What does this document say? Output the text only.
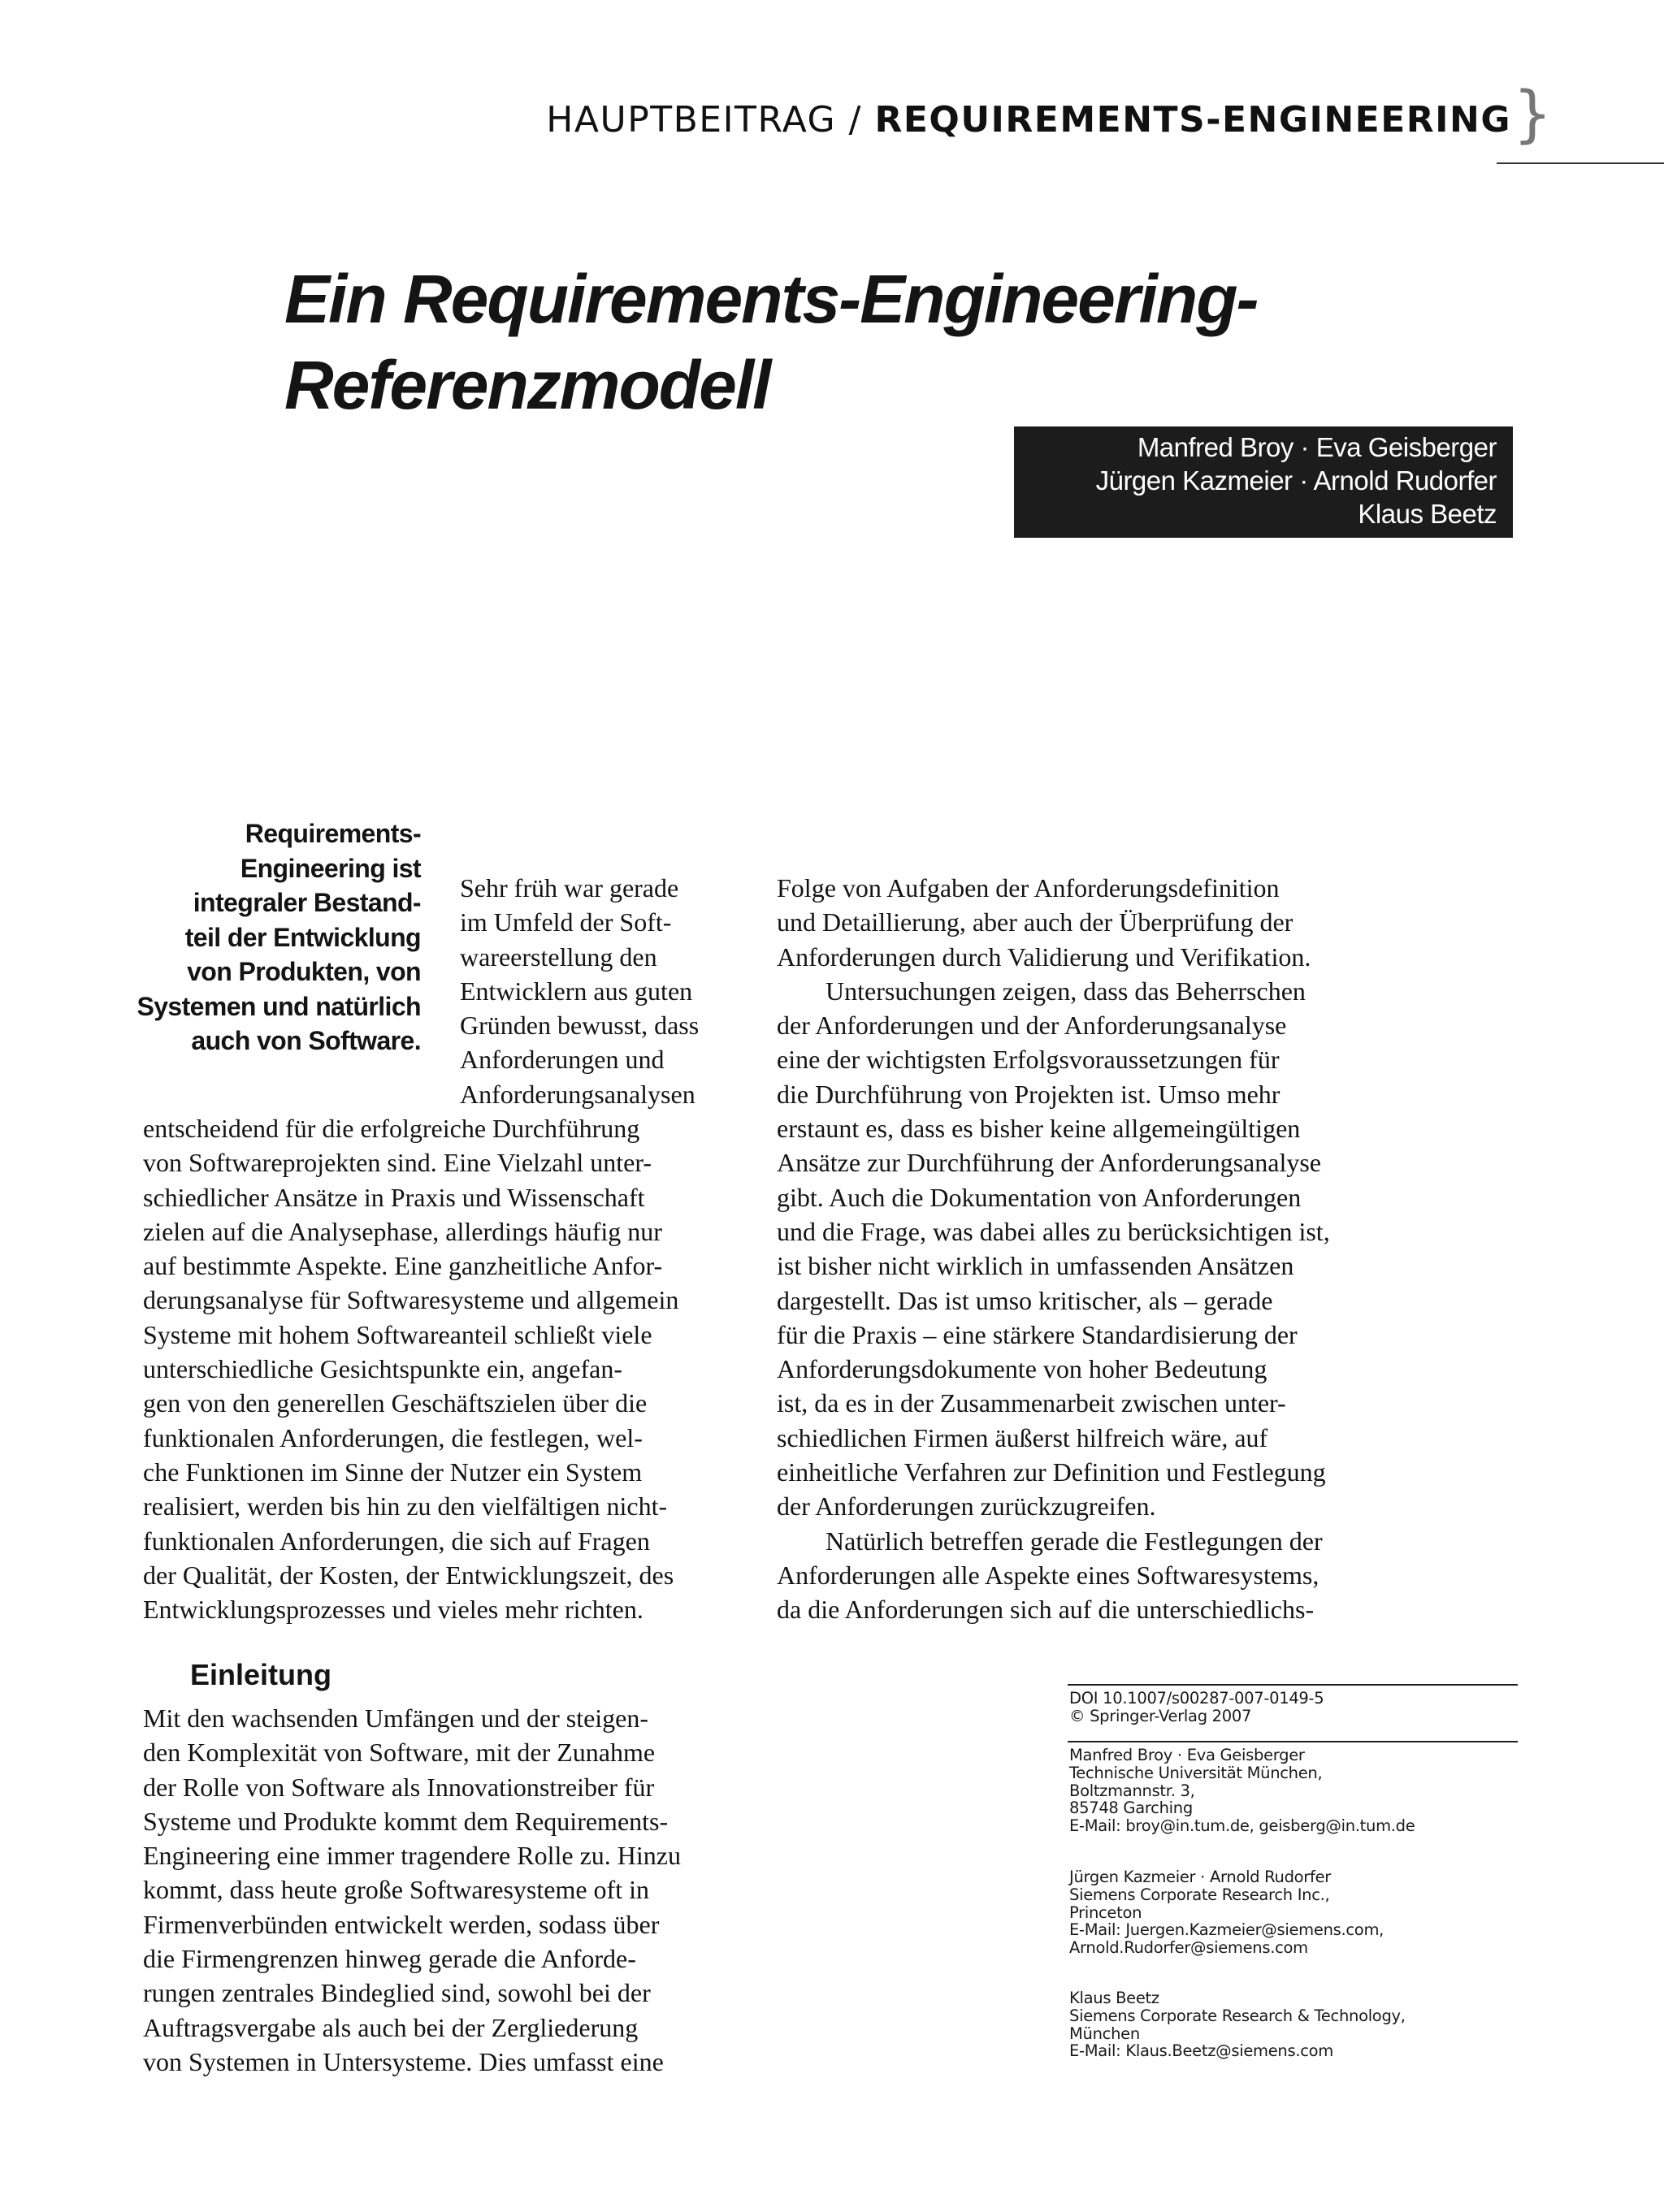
HAUPTBEITRAG / REQUIREMENTS-ENGINEERING }
Ein Requirements-Engineering-
Referenzmodell
Manfred Broy · Eva Geisberger
Jürgen Kazmeier · Arnold Rudorfer
Klaus Beetz
Requirements-
Engineering ist
integraler Bestand-
teil der Entwicklung
von Produkten, von
Systemen und natürlich
auch von Software.
Sehr früh war gerade
im Umfeld der Soft-
wareerstellung den
Entwicklern aus guten
Gründen bewusst, dass
Anforderungen und
Anforderungsanalysen
entscheidend für die erfolgreiche Durchführung
von Softwareprojekten sind. Eine Vielzahl unter-
schiedlicher Ansätze in Praxis und Wissenschaft
zielen auf die Analysephase, allerdings häufig nur
auf bestimmte Aspekte. Eine ganzheitliche Anfor-
derungsanalyse für Softwaresysteme und allgemein
Systeme mit hohem Softwareanteil schließt viele
unterschiedliche Gesichtspunkte ein, angefan-
gen von den generellen Geschäftszielen über die
funktionalen Anforderungen, die festlegen, wel-
che Funktionen im Sinne der Nutzer ein System
realisiert, werden bis hin zu den vielfältigen nicht-
funktionalen Anforderungen, die sich auf Fragen
der Qualität, der Kosten, der Entwicklungszeit, des
Entwicklungsprozesses und vieles mehr richten.
Einleitung
Mit den wachsenden Umfängen und der steigen-
den Komplexität von Software, mit der Zunahme
der Rolle von Software als Innovationstreiber für
Systeme und Produkte kommt dem Requirements-
Engineering eine immer tragendere Rolle zu. Hinzu
kommt, dass heute große Softwaresysteme oft in
Firmenverbünden entwickelt werden, sodass über
die Firmengrenzen hinweg gerade die Anforde-
rungen zentrales Bindeglied sind, sowohl bei der
Auftragsvergabe als auch bei der Zergliederung
von Systemen in Untersysteme. Dies umfasst eine
Folge von Aufgaben der Anforderungsdefinition
und Detaillierung, aber auch der Überprüfung der
Anforderungen durch Validierung und Verifikation.
Untersuchungen zeigen, dass das Beherrschen
der Anforderungen und der Anforderungsanalyse
eine der wichtigsten Erfolgsvoraussetzungen für
die Durchführung von Projekten ist. Umso mehr
erstaunt es, dass es bisher keine allgemeingültigen
Ansätze zur Durchführung der Anforderungsanalyse
gibt. Auch die Dokumentation von Anforderungen
und die Frage, was dabei alles zu berücksichtigen ist,
ist bisher nicht wirklich in umfassenden Ansätzen
dargestellt. Das ist umso kritischer, als – gerade
für die Praxis – eine stärkere Standardisierung der
Anforderungsdokumente von hoher Bedeutung
ist, da es in der Zusammenarbeit zwischen unter-
schiedlichen Firmen äußerst hilfreich wäre, auf
einheitliche Verfahren zur Definition und Festlegung
der Anforderungen zurückzugreifen.
Natürlich betreffen gerade die Festlegungen der
Anforderungen alle Aspekte eines Softwaresystems,
da die Anforderungen sich auf die unterschiedlichs-
DOI 10.1007/s00287-007-0149-5
© Springer-Verlag 2007
Manfred Broy · Eva Geisberger
Technische Universität München,
Boltzmannstr. 3,
85748 Garching
E-Mail: broy@in.tum.de, geisberg@in.tum.de
Jürgen Kazmeier · Arnold Rudorfer
Siemens Corporate Research Inc.,
Princeton
E-Mail: Juergen.Kazmeier@siemens.com,
Arnold.Rudorfer@siemens.com
Klaus Beetz
Siemens Corporate Research & Technology,
München
E-Mail: Klaus.Beetz@siemens.com
